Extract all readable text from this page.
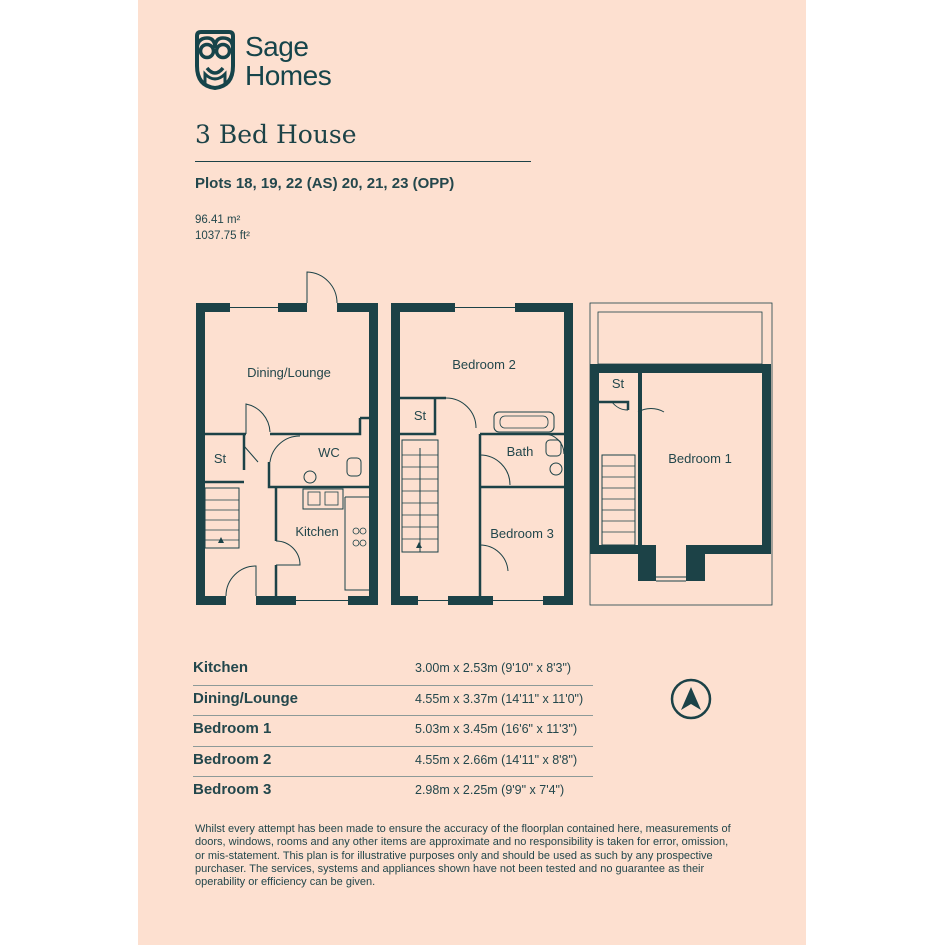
Sage
Homes
3 Bed House
Plots 18, 19, 22 (AS) 20, 21, 23 (OPP)
96.41 m²
1037.75 ft²
Dining/Lounge
St	WC
Kitchen
Bedroom 2
St
Bath
Bedroom 3
St
Bedroom 1
Kitchen	3.00m x 2.53m (9'10" x 8'3")
Dining/Lounge	4.55m x 3.37m (14'11" x 11'0")
Bedroom 1	5.03m x 3.45m (16'6" x 11'3")
Bedroom 2	4.55m x 2.66m (14'11" x 8'8")
Bedroom 3	2.98m x 2.25m (9'9" x 7'4")
Whilst every attempt has been made to ensure the accuracy of the floorplan contained here, measurements of doors, windows, rooms and any other items are approximate and no responsibility is taken for error, omission, or mis-statement. This plan is for illustrative purposes only and should be used as such by any prospective purchaser. The services, systems and appliances shown have not been tested and no guarantee as their operability or efficiency can be given.
